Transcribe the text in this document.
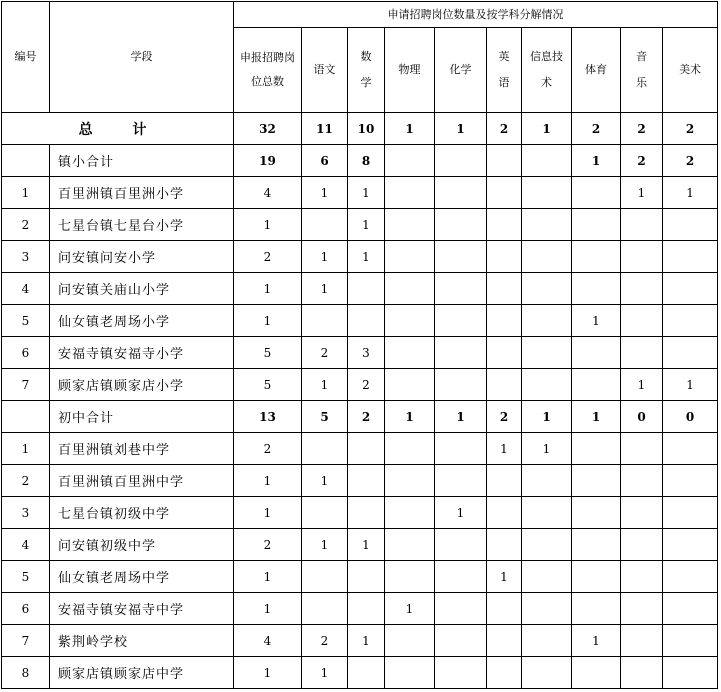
编号	学段	申请招聘岗位数量及按学科分解情况									
		申报招聘岗位总数	语文	数学	物理	化学	英语	信息技术	体育	音乐	美术
总  计		32	11	10	1	1	2	1	2	2	2
	镇小合计	19	6	8					1	2	2
1	百里洲镇百里洲小学	4	1	1						1	1
2	七星台镇七星台小学	1		1							
3	问安镇问安小学	2	1	1							
4	问安镇关庙山小学	1	1								
5	仙女镇老周场小学	1							1		
6	安福寺镇安福寺小学	5	2	3							
7	顾家店镇顾家店小学	5	1	2						1	1
	初中合计	13	5	2	1	1	2	1	1	0	0
1	百里洲镇刘巷中学	2					1	1			
2	百里洲镇百里洲中学	1	1								
3	七星台镇初级中学	1				1					
4	问安镇初级中学	2	1	1							
5	仙女镇老周场中学	1					1				
6	安福寺镇安福寺中学	1			1						
7	紫荆岭学校	4	2	1					1		
8	顾家店镇顾家店中学	1	1								
